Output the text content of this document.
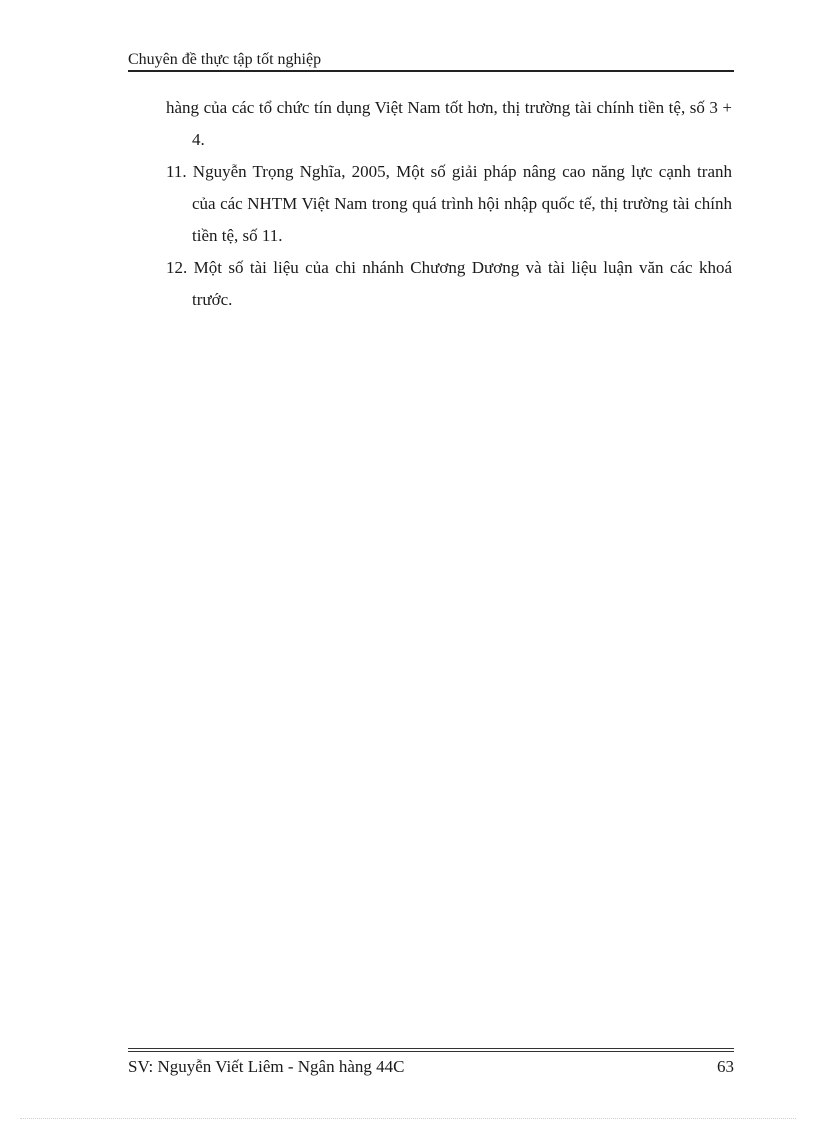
Chuyên đề thực tập tốt nghiệp
hàng của các tổ chức tín dụng Việt Nam tốt hơn, thị trường tài chính tiền tệ, số 3 + 4.
11. Nguyễn Trọng Nghĩa, 2005, Một số giải pháp nâng cao năng lực cạnh tranh của các NHTM Việt Nam trong quá trình hội nhập quốc tế, thị trường tài chính tiền tệ, số 11.
12. Một số tài liệu của chi nhánh Chương Dương và tài liệu luận văn các khoá trước.
SV: Nguyễn Viết Liêm - Ngân hàng 44C	63
